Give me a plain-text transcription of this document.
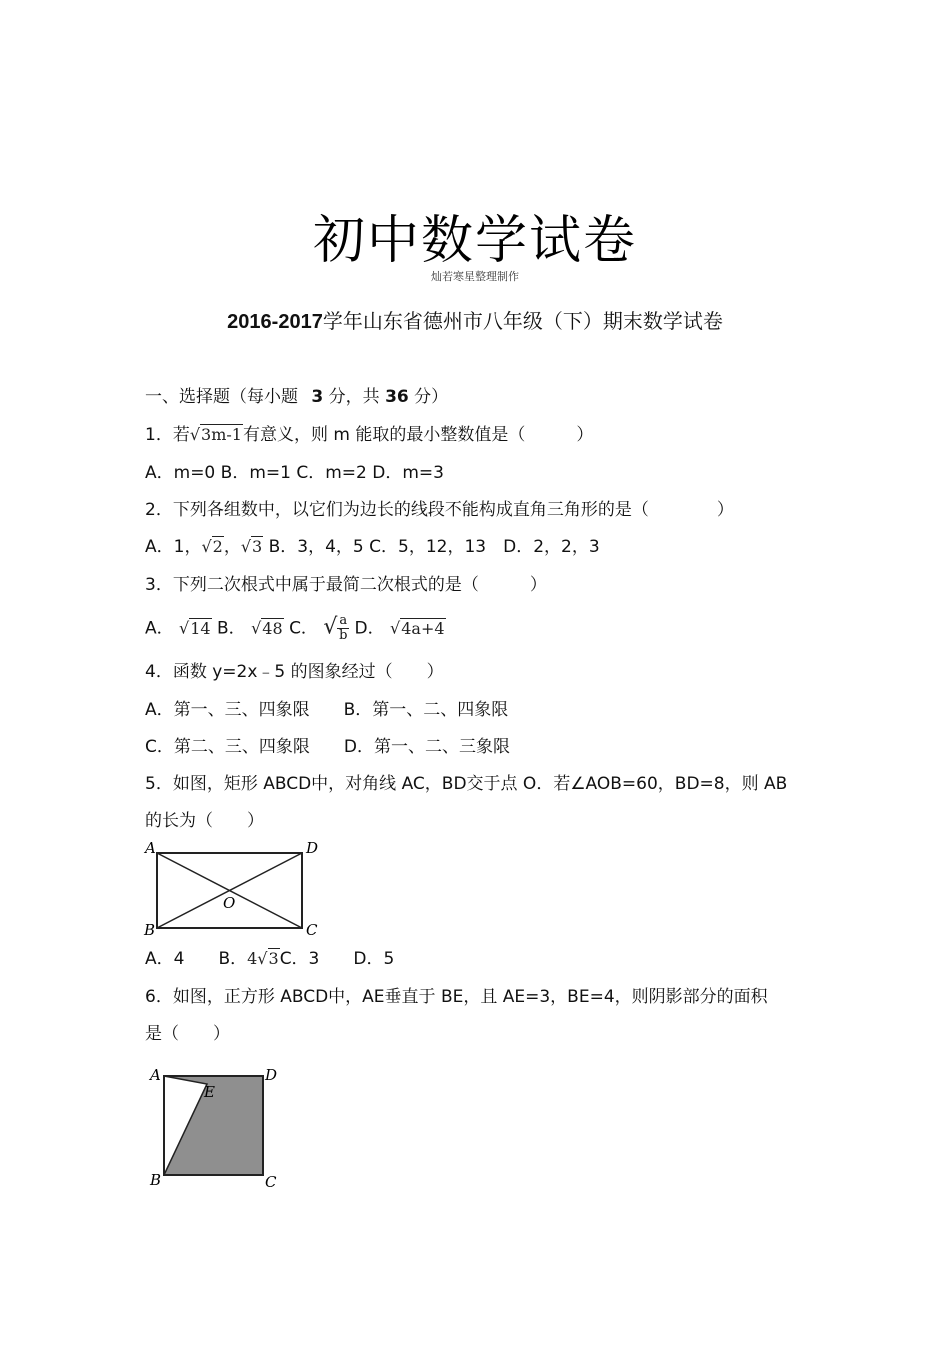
初中数学试卷
灿若寒星整理制作
2016-2017学年山东省德州市八年级（下）期末数学试卷
一、选择题（每小题 3 分，共 36 分）
1．若√3m-1有意义，则 m 能取的最小整数值是（　　　）
A．m=0 B．m=1 C．m=2 D．m=3
2．下列各组数中，以它们为边长的线段不能构成直角三角形的是（　　　　）
A．1，√2，√3 B．3，4，5 C．5，12，13　D．2，2，3
3．下列二次根式中属于最简二次根式的是（　　　）
A． √14 B． √48 C． √ $\frac{a}{b}$ D． √4a+4
4．函数 y=2x﹣5 的图象经过（　　）
A．第一、三、四象限　　B．第一、二、四象限
C．第二、三、四象限　　D．第一、二、三象限
5．如图，矩形 ABCD中，对角线 AC，BD交于点 O．若∠AOB=60，BD=8，则 AB
的长为（　　）
A	D
B	C
O
A．4　　B．4√3C．3　　D．5
6．如图，正方形 ABCD中，AE垂直于 BE，且 AE=3，BE=4，则阴影部分的面积
是（　　）
A	D
E
B	C
